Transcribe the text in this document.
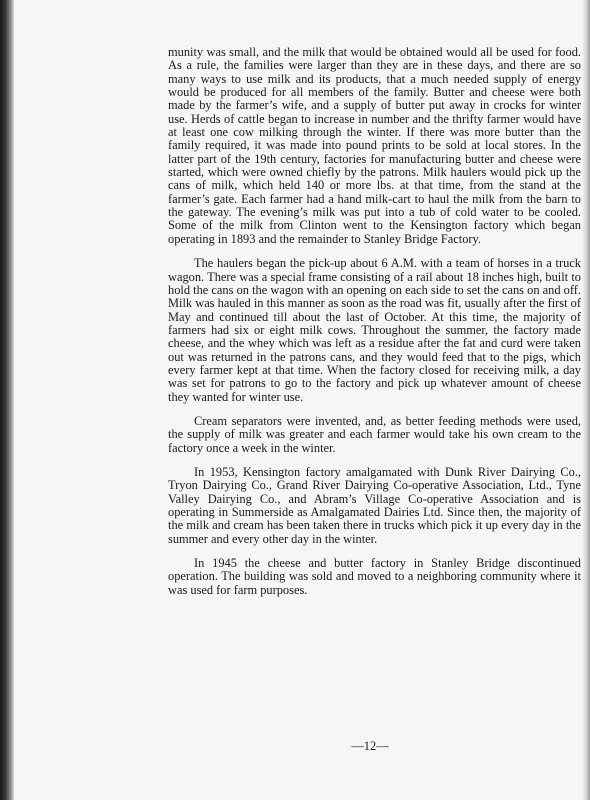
munity was small, and the milk that would be obtained would all be used for food. As a rule, the families were larger than they are in these days, and there are so many ways to use milk and its products, that a much needed supply of energy would be produced for all members of the family. Butter and cheese were both made by the farmer’s wife, and a supply of butter put away in crocks for winter use. Herds of cattle began to increase in number and the thrifty farmer would have at least one cow milking through the winter. If there was more butter than the family required, it was made into pound prints to be sold at local stores. In the latter part of the 19th century, factories for manufacturing butter and cheese were started, which were owned chiefly by the patrons. Milk haulers would pick up the cans of milk, which held 140 or more lbs. at that time, from the stand at the farmer’s gate. Each farmer had a hand milk-cart to haul the milk from the barn to the gateway. The evening’s milk was put into a tub of cold water to be cooled. Some of the milk from Clinton went to the Kensington factory which began operating in 1893 and the remainder to Stanley Bridge Factory.

The haulers began the pick-up about 6 A.M. with a team of horses in a truck wagon. There was a special frame consisting of a rail about 18 inches high, built to hold the cans on the wagon with an opening on each side to set the cans on and off. Milk was hauled in this manner as soon as the road was fit, usually after the first of May and continued till about the last of October. At this time, the majority of farmers had six or eight milk cows. Throughout the summer, the factory made cheese, and the whey which was left as a residue after the fat and curd were taken out was returned in the patrons cans, and they would feed that to the pigs, which every farmer kept at that time. When the factory closed for receiving milk, a day was set for patrons to go to the factory and pick up whatever amount of cheese they wanted for winter use.

Cream separators were invented, and, as better feeding methods were used, the supply of milk was greater and each farmer would take his own cream to the factory once a week in the winter.

In 1953, Kensington factory amalgamated with Dunk River Dairying Co., Tryon Dairying Co., Grand River Dairying Co-operative Association, Ltd., Tyne Valley Dairying Co., and Abram’s Village Co-operative Association and is operating in Summerside as Amalgamated Dairies Ltd. Since then, the majority of the milk and cream has been taken there in trucks which pick it up every day in the summer and every other day in the winter.

In 1945 the cheese and butter factory in Stanley Bridge discontinued operation. The building was sold and moved to a neighboring community where it was used for farm purposes.

—12—
